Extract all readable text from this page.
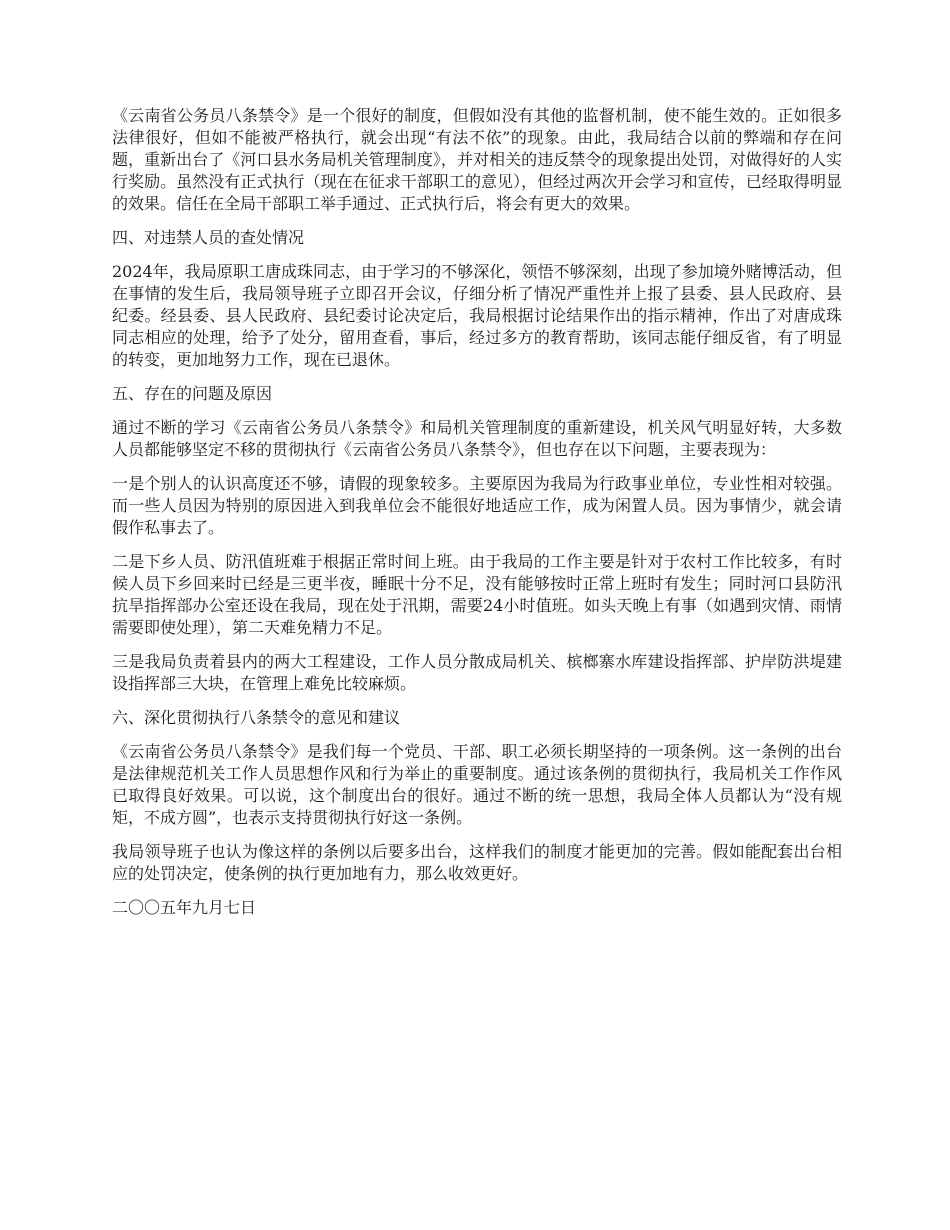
《云南省公务员八条禁令》是一个很好的制度，但假如没有其他的监督机制，使不能生效的。正如很多法律很好，但如不能被严格执行，就会出现“有法不依”的现象。由此，我局结合以前的弊端和存在问题，重新出台了《河口县水务局机关管理制度》，并对相关的违反禁令的现象提出处罚，对做得好的人实行奖励。虽然没有正式执行（现在在征求干部职工的意见），但经过两次开会学习和宣传，已经取得明显的效果。信任在全局干部职工举手通过、正式执行后，将会有更大的效果。

四、对违禁人员的查处情况

2024年，我局原职工唐成珠同志，由于学习的不够深化，领悟不够深刻，出现了参加境外赌博活动，但在事情的发生后，我局领导班子立即召开会议，仔细分析了情况严重性并上报了县委、县人民政府、县纪委。经县委、县人民政府、县纪委讨论决定后，我局根据讨论结果作出的指示精神，作出了对唐成珠同志相应的处理，给予了处分，留用查看，事后，经过多方的教育帮助，该同志能仔细反省，有了明显的转变，更加地努力工作，现在已退休。

五、存在的问题及原因

通过不断的学习《云南省公务员八条禁令》和局机关管理制度的重新建设，机关风气明显好转，大多数人员都能够坚定不移的贯彻执行《云南省公务员八条禁令》，但也存在以下问题，主要表现为：

一是个别人的认识高度还不够，请假的现象较多。主要原因为我局为行政事业单位，专业性相对较强。而一些人员因为特别的原因进入到我单位会不能很好地适应工作，成为闲置人员。因为事情少，就会请假作私事去了。

二是下乡人员、防汛值班难于根据正常时间上班。由于我局的工作主要是针对于农村工作比较多，有时候人员下乡回来时已经是三更半夜，睡眠十分不足，没有能够按时正常上班时有发生；同时河口县防汛抗旱指挥部办公室还设在我局，现在处于汛期，需要24小时值班。如头天晚上有事（如遇到灾情、雨情需要即使处理），第二天难免精力不足。

三是我局负责着县内的两大工程建设，工作人员分散成局机关、槟榔寨水库建设指挥部、护岸防洪堤建设指挥部三大块，在管理上难免比较麻烦。

六、深化贯彻执行八条禁令的意见和建议

《云南省公务员八条禁令》是我们每一个党员、干部、职工必须长期坚持的一项条例。这一条例的出台是法律规范机关工作人员思想作风和行为举止的重要制度。通过该条例的贯彻执行，我局机关工作作风已取得良好效果。可以说，这个制度出台的很好。通过不断的统一思想，我局全体人员都认为“没有规矩，不成方圆”，也表示支持贯彻执行好这一条例。

我局领导班子也认为像这样的条例以后要多出台，这样我们的制度才能更加的完善。假如能配套出台相应的处罚决定，使条例的执行更加地有力，那么收效更好。

二〇〇五年九月七日
